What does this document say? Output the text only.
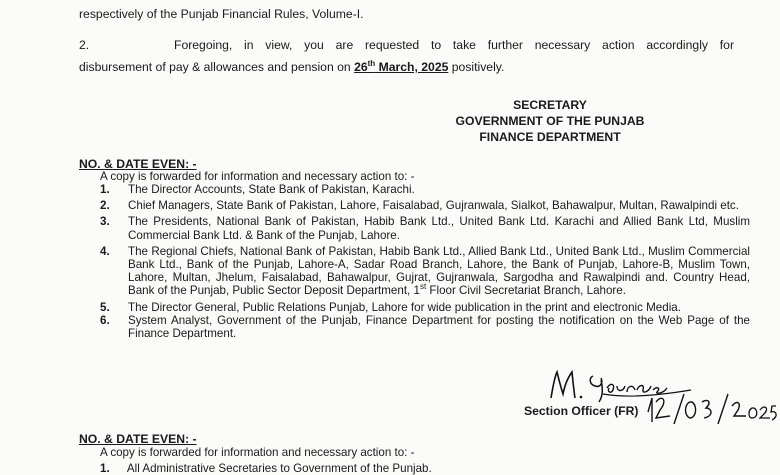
respectively of the Punjab Financial Rules, Volume-I.
2.	Foregoing, in view, you are requested to take further necessary action accordingly for
disbursement of pay & allowances and pension on 26th March, 2025 positively.
SECRETARY
GOVERNMENT OF THE PUNJAB
FINANCE DEPARTMENT
NO. & DATE EVEN: -
A copy is forwarded for information and necessary action to: -
1. The Director Accounts, State Bank of Pakistan, Karachi.
2. Chief Managers, State Bank of Pakistan, Lahore, Faisalabad, Gujranwala, Sialkot, Bahawalpur, Multan, Rawalpindi etc.
3. The Presidents, National Bank of Pakistan, Habib Bank Ltd., United Bank Ltd. Karachi and Allied Bank Ltd, Muslim Commercial Bank Ltd. & Bank of the Punjab, Lahore.
4. The Regional Chiefs, National Bank of Pakistan, Habib Bank Ltd., Allied Bank Ltd., United Bank Ltd., Muslim Commercial Bank Ltd., Bank of the Punjab, Lahore-A, Sadar Road Branch, Lahore, the Bank of Punjab, Lahore-B, Muslim Town, Lahore, Multan, Jhelum, Faisalabad, Bahawalpur, Gujrat, Gujranwala, Sargodha and Rawalpindi and. Country Head, Bank of the Punjab, Public Sector Deposit Department, 1st Floor Civil Secretariat Branch, Lahore.
5. The Director General, Public Relations Punjab, Lahore for wide publication in the print and electronic Media.
6. System Analyst, Government of the Punjab, Finance Department for posting the notification on the Web Page of the Finance Department.
Section Officer (FR)
NO. & DATE EVEN: -
A copy is forwarded for information and necessary action to: -
1. All Administrative Secretaries to Government of the Punjab.
